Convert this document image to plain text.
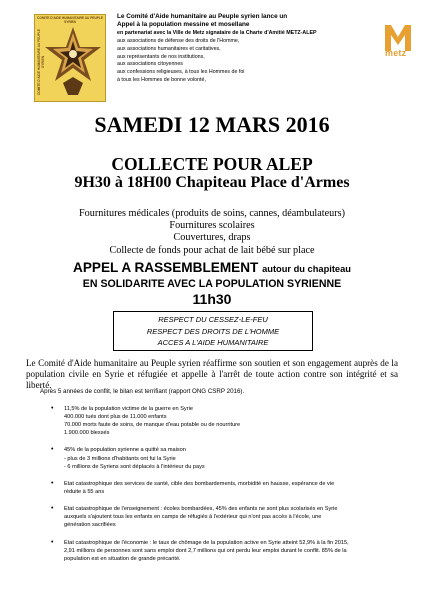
COMITE D'AIDE HUMANITAIRE AU PEUPLE SYRIEN
COMITE D'AIDE HUMANITAIRE AU PEUPLE SYRIEN
Le Comité d'Aide humanitaire au Peuple syrien lance un
Appel à la population messine et mosellane
en partenariat avec la Ville de Metz signataire de la Charte d'Amitié METZ-ALEP
aux associations de défense des droits de l'Homme,
aux associations humanitaires et caritatives,
aux représentants de nos institutions,
aux associations citoyennes
aux confessions religieuses, à tous les Hommes de foi
à tous les Hommes de bonne volonté,
metz
SAMEDI 12 MARS 2016
COLLECTE POUR ALEP
9H30 à 18H00 Chapiteau Place d'Armes
Fournitures médicales (produits de soins, cannes, déambulateurs)
Fournitures scolaires
Couvertures, draps
Collecte de fonds pour achat de lait bébé sur place
APPEL A RASSEMBLEMENT autour du chapiteau
EN SOLIDARITE AVEC LA POPULATION SYRIENNE
11h30
RESPECT DU CESSEZ-LE-FEU
RESPECT DES DROITS DE L'HOMME
ACCES A L'AIDE HUMANITAIRE
Le Comité d'Aide humanitaire au Peuple syrien réaffirme son soutien et son engagement auprès de la population civile en Syrie et réfugiée et appelle à l'arrêt de toute action contre son intégrité et sa liberté.
Après 5 années de conflit, le bilan est terrifiant (rapport ONG CSRP 2016).
• 11,5% de la population victime de la guerre en Syrie
400.000 tués dont plus de 11.000 enfants
70.000 morts faute de soins, de manque d'eau potable ou de nourriture
1.900.000 blessés
• 45% de la population syrienne a quitté sa maison
- plus de 3 millions d'habitants ont fui la Syrie
- 6 millions de Syriens sont déplacés à l'intérieur du pays
• Etat catastrophique des services de santé, cible des bombardements, morbidité en hausse, espérance de vie
réduite à 55 ans
• Etat catastrophique de l'enseignement : écoles bombardées, 45% des enfants ne sont plus scolarisés en Syrie
auxquels s'ajoutent tous les enfants en camps de réfugiés à l'extérieur qui n'ont pas accès à l'école, une
génération sacrifiées
• Etat catastrophique de l'économie : le taux de chômage de la population active en Syrie atteint 52,9% à la fin 2015,
2,91 millions de personnes sont sans emploi dont 2,7 millions qui ont perdu leur emploi durant le conflit. 85% de la
population est en situation de grande précarité.
